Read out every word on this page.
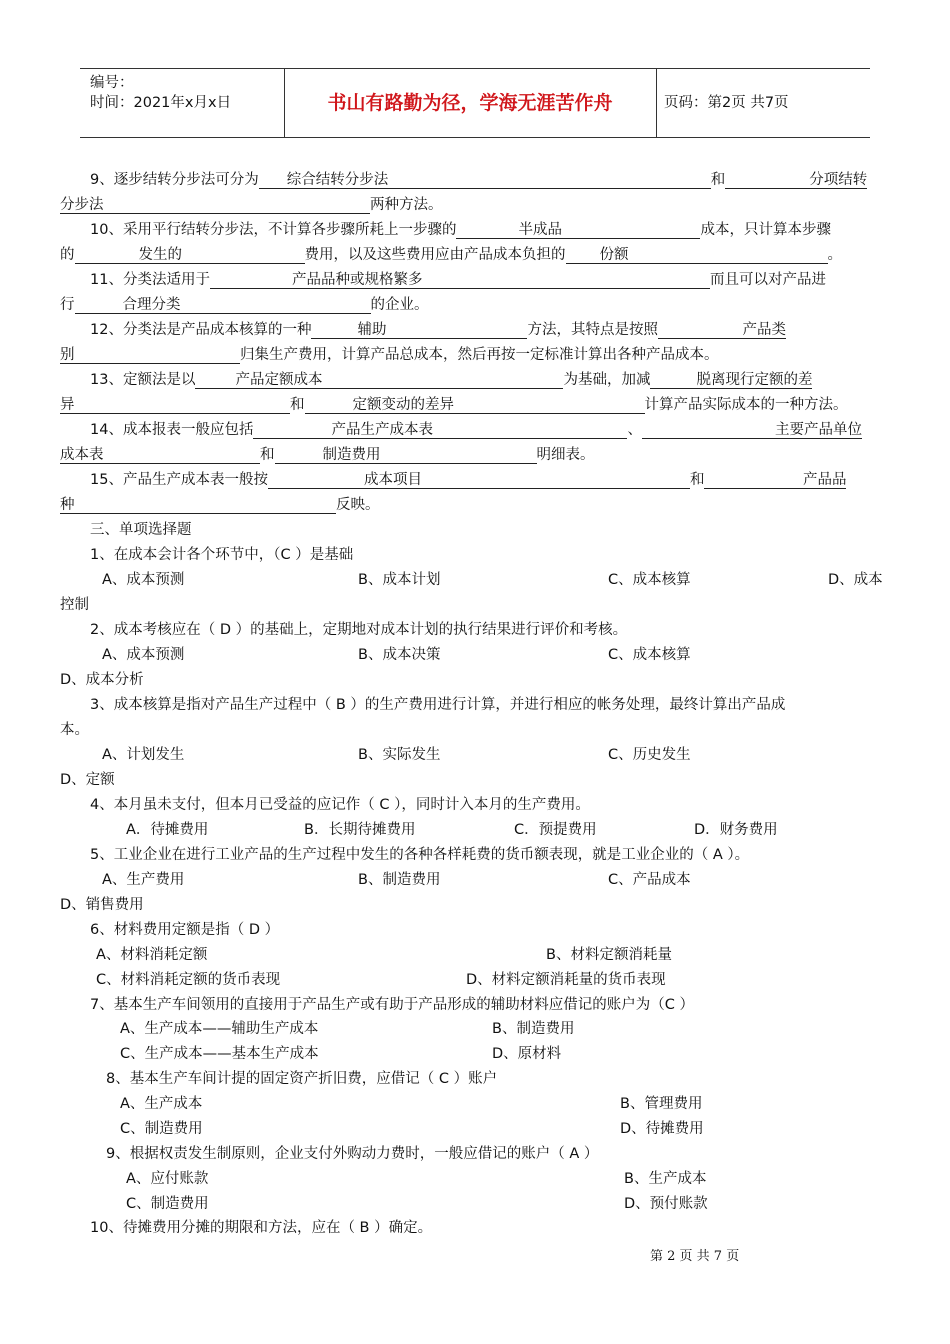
编号：
时间：2021年x月x日	书山有路勤为径，学海无涯苦作舟	页码：第2页 共7页
9、逐步结转分步法可分为 综合结转分步法	和	分项结转
分步法	两种方法。
10、采用平行结转分步法，不计算各步骤所耗上一步骤的	半成品	成本，只计算本步骤
的	发生的	费用，以及这些费用应由产品成本负担的 份额	。
11、分类法适用于	产品品种或规格繁多	而且可以对产品进
行	合理分类	的企业。
12、分类法是产品成本核算的一种	辅助	方法，其特点是按照	产品类
别	归集生产费用，计算产品总成本，然后再按一定标准计算出各种产品成本。
13、定额法是以	产品定额成本	为基础，加减	脱离现行定额的差
异	和	定额变动的差异	计算产品实际成本的一种方法。
14、成本报表一般应包括	产品生产成本表	、	主要产品单位
成本表	和	制造费用	明细表。
15、产品生产成本表一般按	成本项目	和	产品品
种	反映。
三、单项选择题
1、在成本会计各个环节中，（C ）是基础
A、成本预测	B、成本计划	C、成本核算	D、成本
控制
2、成本考核应在（ D ）的基础上，定期地对成本计划的执行结果进行评价和考核。
A、成本预测	B、成本决策	C、成本核算
D、成本分析
3、成本核算是指对产品生产过程中（ B ）的生产费用进行计算，并进行相应的帐务处理，最终计算出产品成
本。
A、计划发生	B、实际发生	C、历史发生
D、定额
4、本月虽未支付，但本月已受益的应记作（ C ），同时计入本月的生产费用。
A．待摊费用	B．长期待摊费用	C．预提费用	D．财务费用
5、工业企业在进行工业产品的生产过程中发生的各种各样耗费的货币额表现，就是工业企业的（ A ）。
A、生产费用	B、制造费用	C、产品成本
D、销售费用
6、材料费用定额是指（ D ）
A、材料消耗定额	B、材料定额消耗量
C、材料消耗定额的货币表现	D、材料定额消耗量的货币表现
7、基本生产车间领用的直接用于产品生产或有助于产品形成的辅助材料应借记的账户为（C ）
A、生产成本——辅助生产成本	B、制造费用
C、生产成本——基本生产成本	D、原材料
8、基本生产车间计提的固定资产折旧费，应借记（ C ）账户
A、生产成本	B、管理费用
C、制造费用	D、待摊费用
9、根据权责发生制原则，企业支付外购动力费时，一般应借记的账户（ A ）
A、应付账款	B、生产成本
C、制造费用	D、预付账款
10、待摊费用分摊的期限和方法，应在（ B ）确定。
第 2 页 共 7 页
